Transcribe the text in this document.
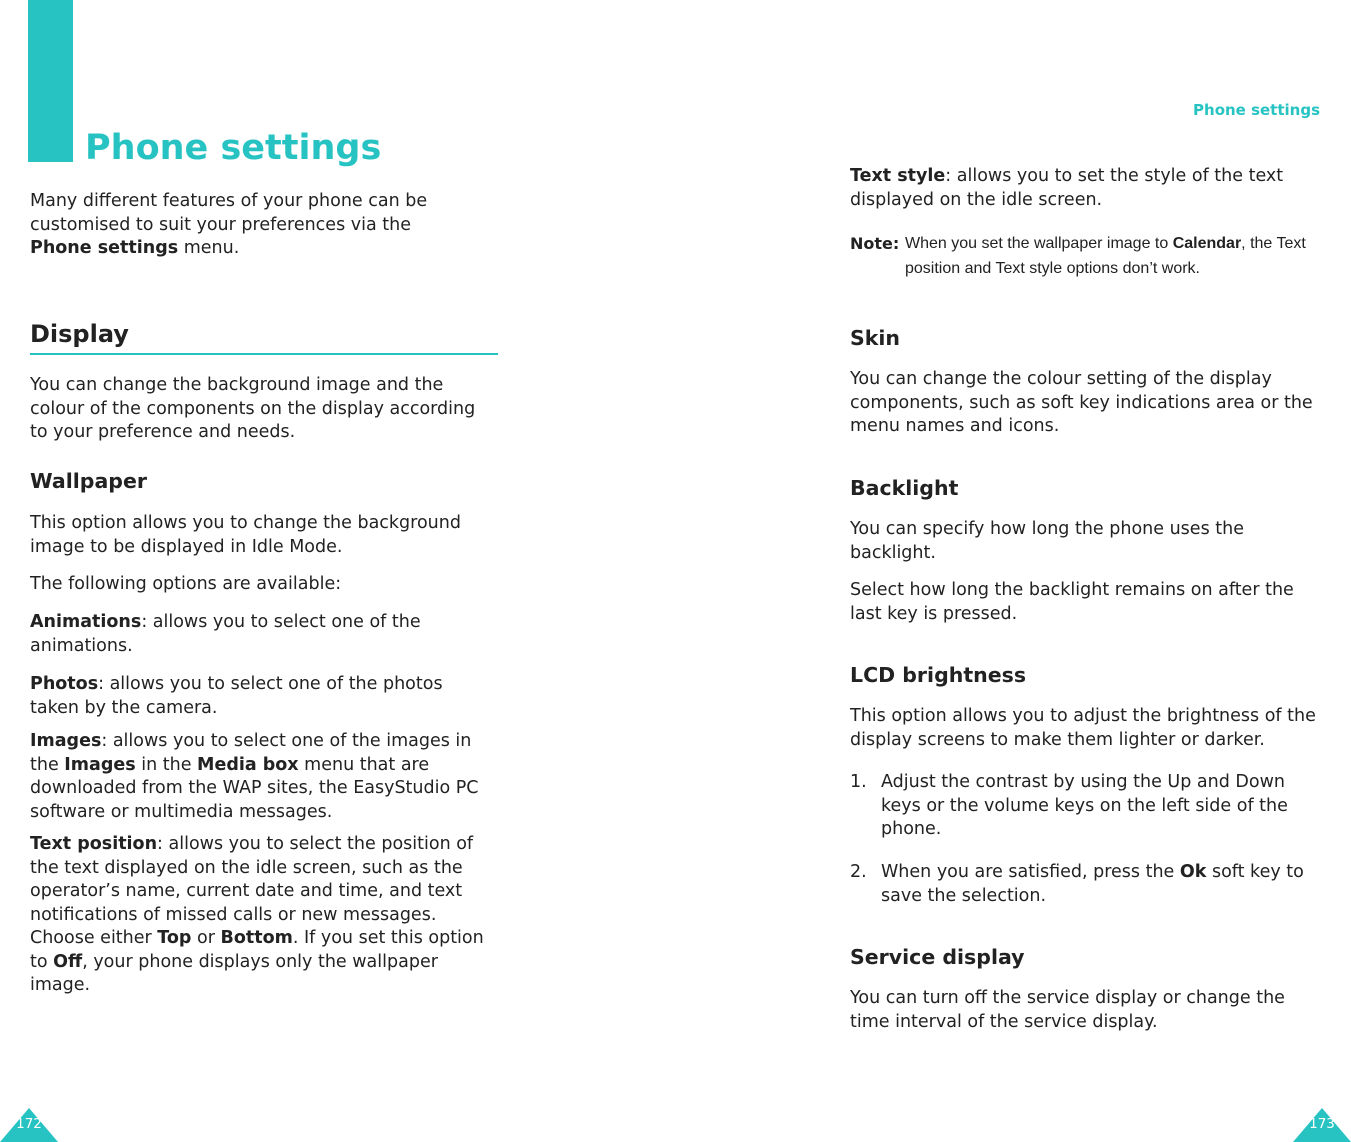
Phone settings

Many different features of your phone can be customised to suit your preferences via the Phone settings menu.

Display

You can change the background image and the colour of the components on the display according to your preference and needs.

Wallpaper

This option allows you to change the background image to be displayed in Idle Mode.

The following options are available:

Animations: allows you to select one of the animations.

Photos: allows you to select one of the photos taken by the camera.

Images: allows you to select one of the images in the Images in the Media box menu that are downloaded from the WAP sites, the EasyStudio PC software or multimedia messages.

Text position: allows you to select the position of the text displayed on the idle screen, such as the operator’s name, current date and time, and text notifications of missed calls or new messages. Choose either Top or Bottom. If you set this option to Off, your phone displays only the wallpaper image.

172
Phone settings

Text style: allows you to set the style of the text displayed on the idle screen.

Note: When you set the wallpaper image to Calendar, the Text position and Text style options don’t work.

Skin

You can change the colour setting of the display components, such as soft key indications area or the menu names and icons.

Backlight

You can specify how long the phone uses the backlight.

Select how long the backlight remains on after the last key is pressed.

LCD brightness

This option allows you to adjust the brightness of the display screens to make them lighter or darker.

1. Adjust the contrast by using the Up and Down keys or the volume keys on the left side of the phone.
2. When you are satisfied, press the Ok soft key to save the selection.
Service display

You can turn off the service display or change the time interval of the service display.

173
